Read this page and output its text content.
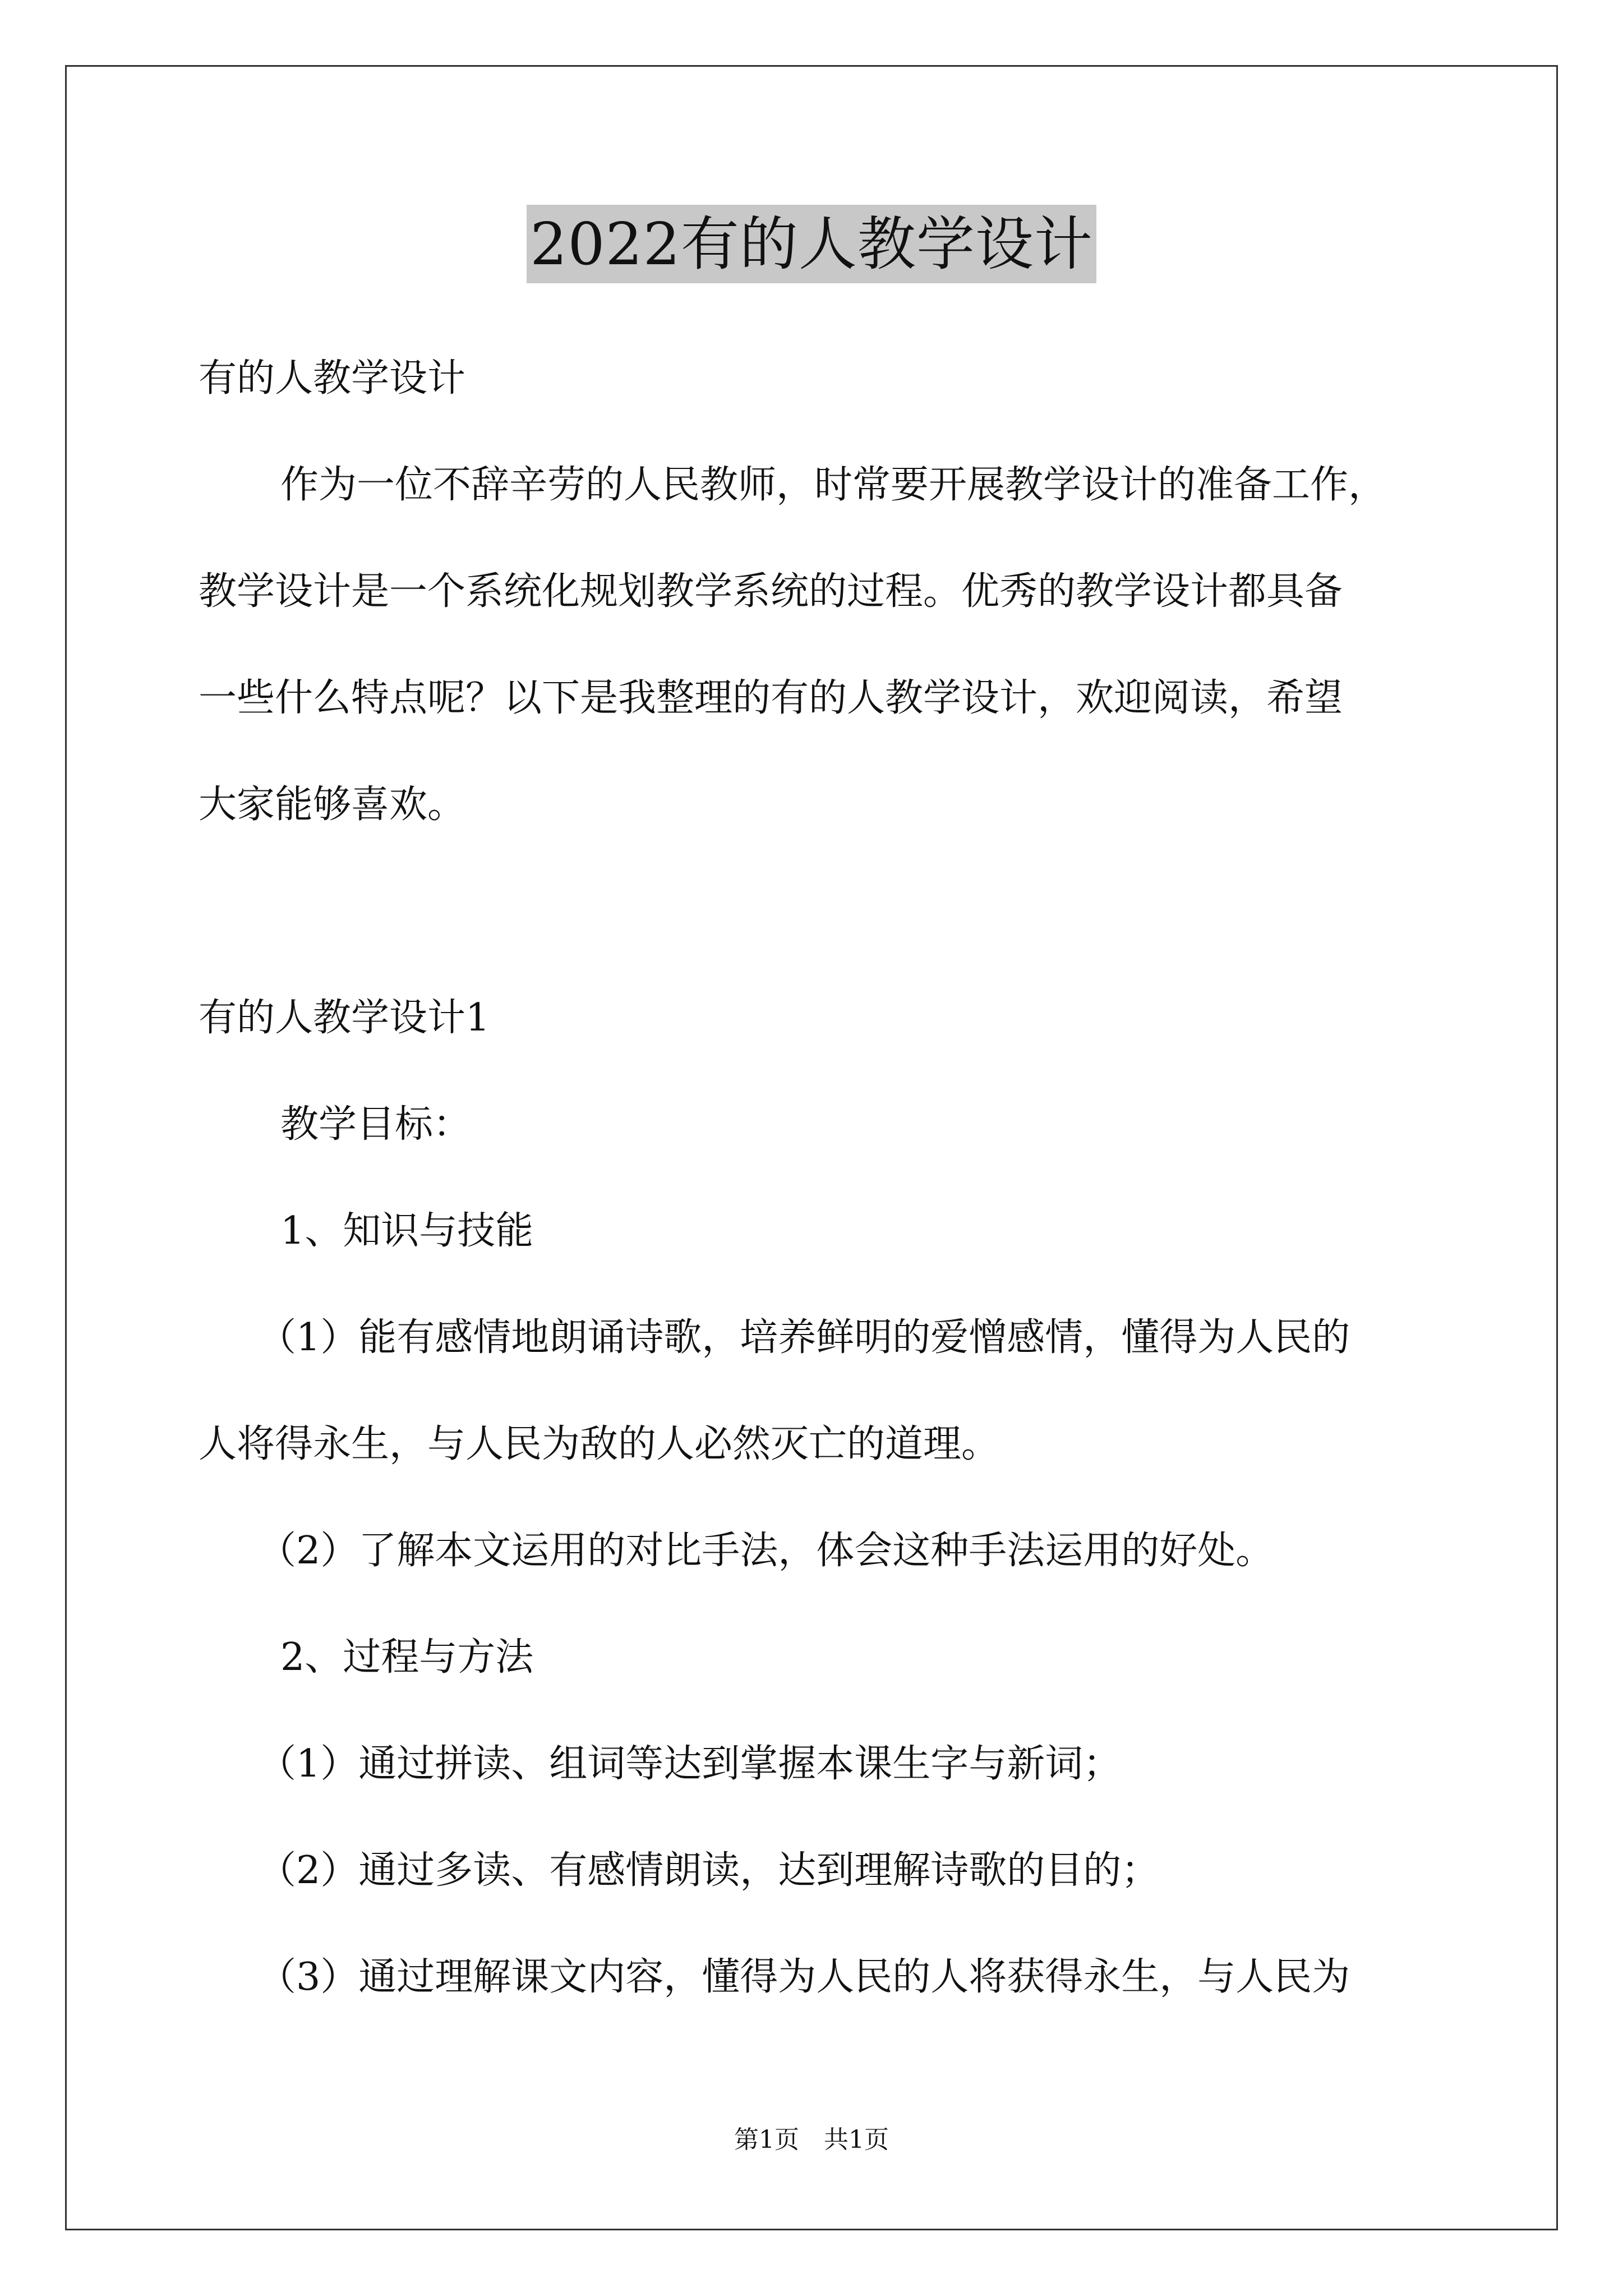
2022有的人教学设计
有的人教学设计
作为一位不辞辛劳的人民教师，时常要开展教学设计的准备工作，
教学设计是一个系统化规划教学系统的过程。优秀的教学设计都具备
一些什么特点呢？以下是我整理的有的人教学设计，欢迎阅读，希望
大家能够喜欢。
有的人教学设计1
教学目标：
1、知识与技能
（1）能有感情地朗诵诗歌，培养鲜明的爱憎感情，懂得为人民的
人将得永生，与人民为敌的人必然灭亡的道理。
（2）了解本文运用的对比手法，体会这种手法运用的好处。
2、过程与方法
（1）通过拼读、组词等达到掌握本课生字与新词；
（2）通过多读、有感情朗读，达到理解诗歌的目的；
（3）通过理解课文内容，懂得为人民的人将获得永生，与人民为
第1页 共1页
